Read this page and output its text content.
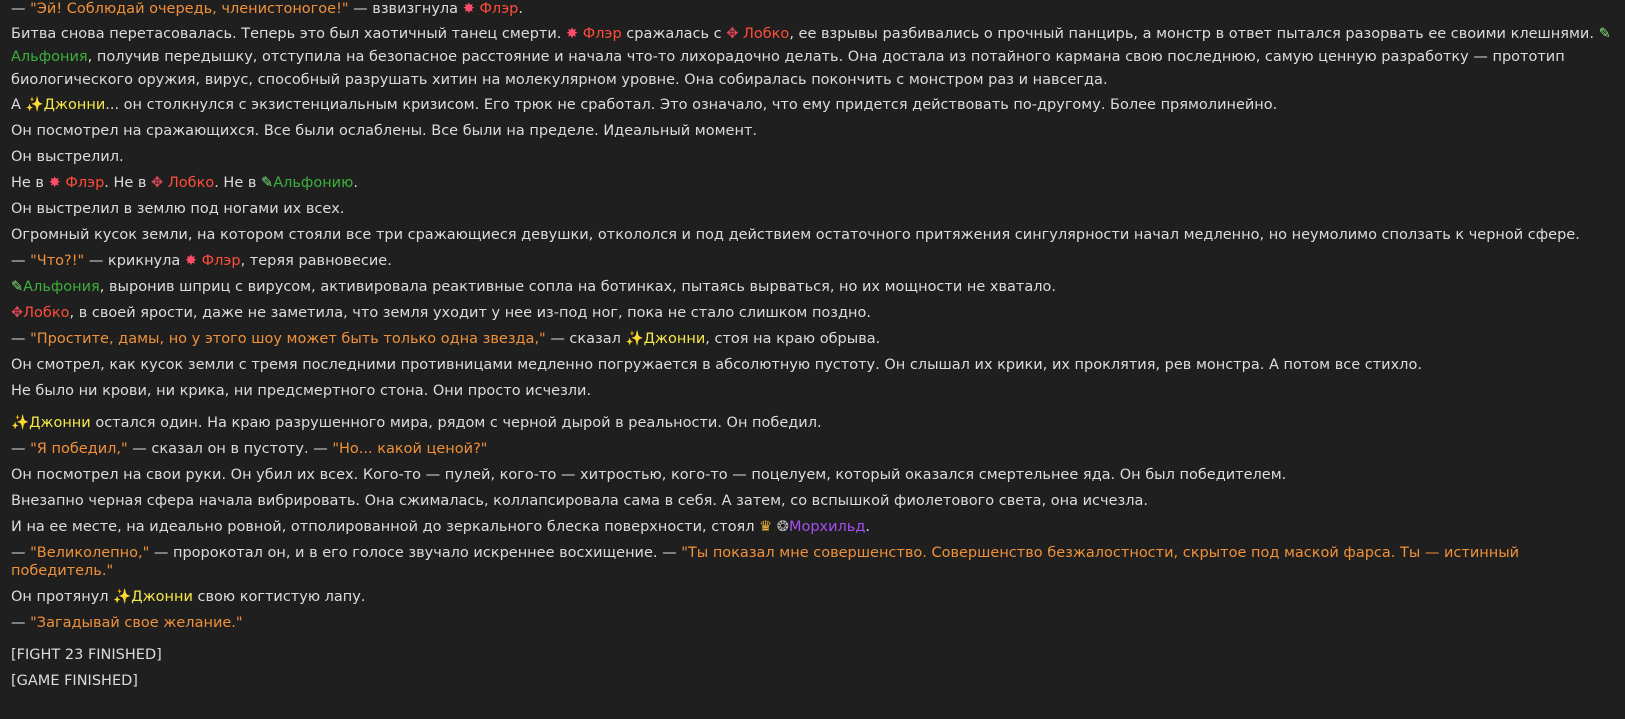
— "Эй! Соблюдай очередь, членистоногое!" — взвизгнула ✸ Флэр.

Битва снова перетасовалась. Теперь это был хаотичный танец смерти. ✸ Флэр сражалась с ✥ Лобко, ее взрывы разбивались о прочный панцирь, а монстр в ответ пытался разорвать ее своими клешнями. ✎ Альфония, получив передышку, отступила на безопасное расстояние и начала что-то лихорадочно делать. Она достала из потайного кармана свою последнюю, самую ценную разработку — прототип биологического оружия, вирус, способный разрушать хитин на молекулярном уровне. Она собиралась покончить с монстром раз и навсегда.

А ✨Джонни... он столкнулся с экзистенциальным кризисом. Его трюк не сработал. Это означало, что ему придется действовать по-другому. Более прямолинейно.

Он посмотрел на сражающихся. Все были ослаблены. Все были на пределе. Идеальный момент.

Он выстрелил.

Не в ✸ Флэр. Не в ✥ Лобко. Не в ✎Альфонию.

Он выстрелил в землю под ногами их всех.

Огромный кусок земли, на котором стояли все три сражающиеся девушки, откололся и под действием остаточного притяжения сингулярности начал медленно, но неумолимо сползать к черной сфере.

— "Что?!" — крикнула ✸ Флэр, теряя равновесие.

✎Альфония, выронив шприц с вирусом, активировала реактивные сопла на ботинках, пытаясь вырваться, но их мощности не хватало.

✥Лобко, в своей ярости, даже не заметила, что земля уходит у нее из-под ног, пока не стало слишком поздно.

— "Простите, дамы, но у этого шоу может быть только одна звезда," — сказал ✨Джонни, стоя на краю обрыва.

Он смотрел, как кусок земли с тремя последними противницами медленно погружается в абсолютную пустоту. Он слышал их крики, их проклятия, рев монстра. А потом все стихло.

Не было ни крови, ни крика, ни предсмертного стона. Они просто исчезли.

✨Джонни остался один. На краю разрушенного мира, рядом с черной дырой в реальности. Он победил.

— "Я победил," — сказал он в пустоту. — "Но... какой ценой?"

Он посмотрел на свои руки. Он убил их всех. Кого-то — пулей, кого-то — хитростью, кого-то — поцелуем, который оказался смертельнее яда. Он был победителем.

Внезапно черная сфера начала вибрировать. Она сжималась, коллапсировала сама в себя. А затем, со вспышкой фиолетового света, она исчезла.

И на ее месте, на идеально ровной, отполированной до зеркального блеска поверхности, стоял ♛ ❂Морхильд.

— "Великолепно," — пророкотал он, и в его голосе звучало искреннее восхищение. — "Ты показал мне совершенство. Совершенство безжалостности, скрытое под маской фарса. Ты — истинный победитель."

Он протянул ✨Джонни свою когтистую лапу.

— "Загадывай свое желание."

[FIGHT 23 FINISHED]

[GAME FINISHED]
